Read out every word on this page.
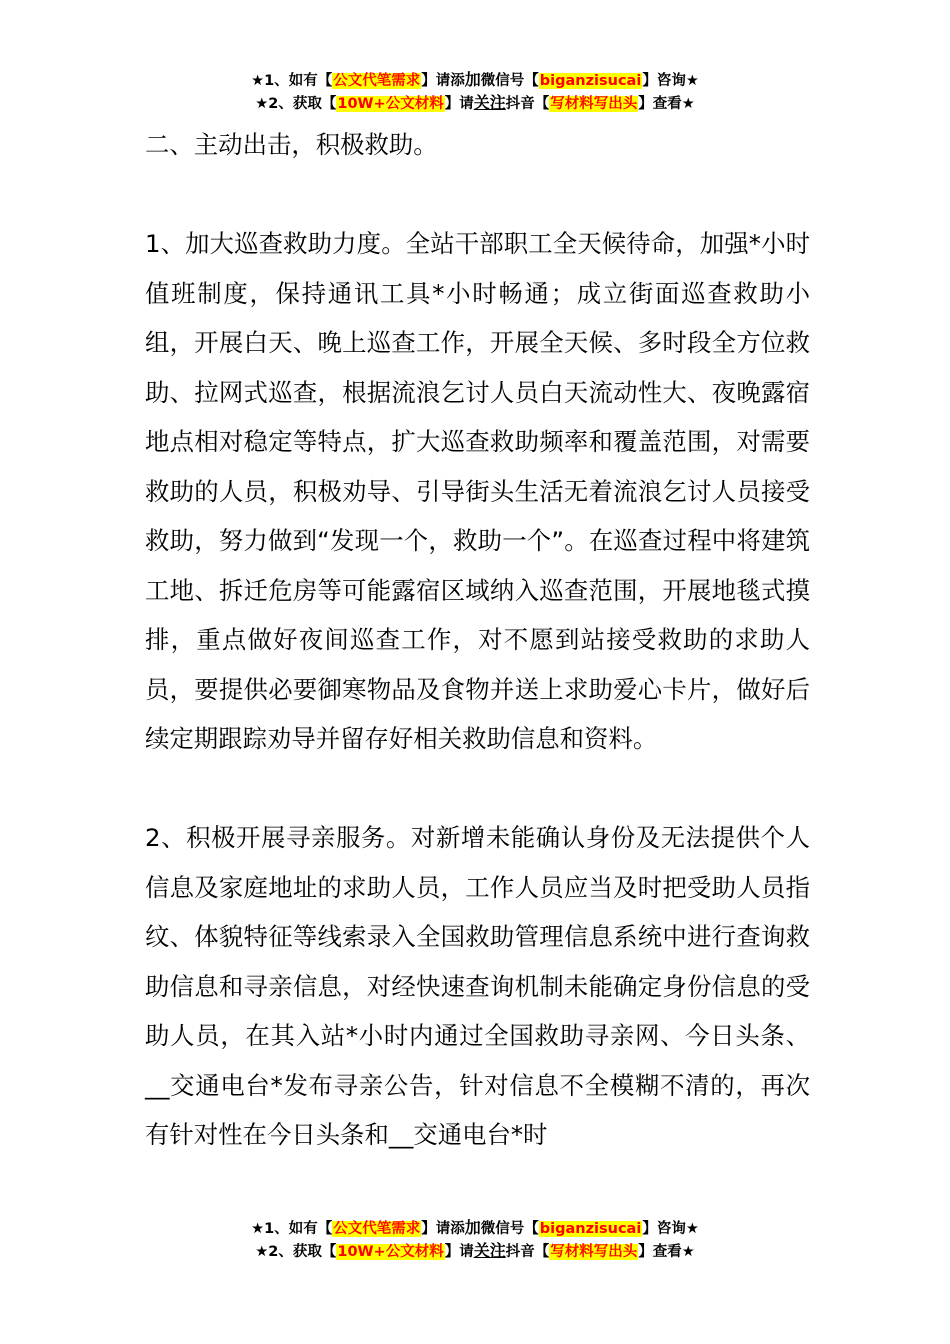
★1、如有【公文代笔需求】请添加微信号【biganzisucai】咨询★
★2、获取【10W+公文材料】请关注抖音【写材料写出头】查看★

二、主动出击，积极救助。

1、加大巡查救助力度。全站干部职工全天候待命，加强*小时值班制度，保持通讯工具*小时畅通；成立街面巡查救助小组，开展白天、晚上巡查工作，开展全天候、多时段全方位救助、拉网式巡查，根据流浪乞讨人员白天流动性大、夜晚露宿地点相对稳定等特点，扩大巡查救助频率和覆盖范围，对需要救助的人员，积极劝导、引导街头生活无着流浪乞讨人员接受救助，努力做到“发现一个，救助一个”。在巡查过程中将建筑工地、拆迁危房等可能露宿区域纳入巡查范围，开展地毯式摸排，重点做好夜间巡查工作，对不愿到站接受救助的求助人员，要提供必要御寒物品及食物并送上求助爱心卡片，做好后续定期跟踪劝导并留存好相关救助信息和资料。

2、积极开展寻亲服务。对新增未能确认身份及无法提供个人信息及家庭地址的求助人员，工作人员应当及时把受助人员指纹、体貌特征等线索录入全国救助管理信息系统中进行查询救助信息和寻亲信息，对经快速查询机制未能确定身份信息的受助人员，在其入站*小时内通过全国救助寻亲网、今日头条、__交通电台*发布寻亲公告，针对信息不全模糊不清的，再次有针对性在今日头条和__交通电台*时

★1、如有【公文代笔需求】请添加微信号【biganzisucai】咨询★
★2、获取【10W+公文材料】请关注抖音【写材料写出头】查看★
